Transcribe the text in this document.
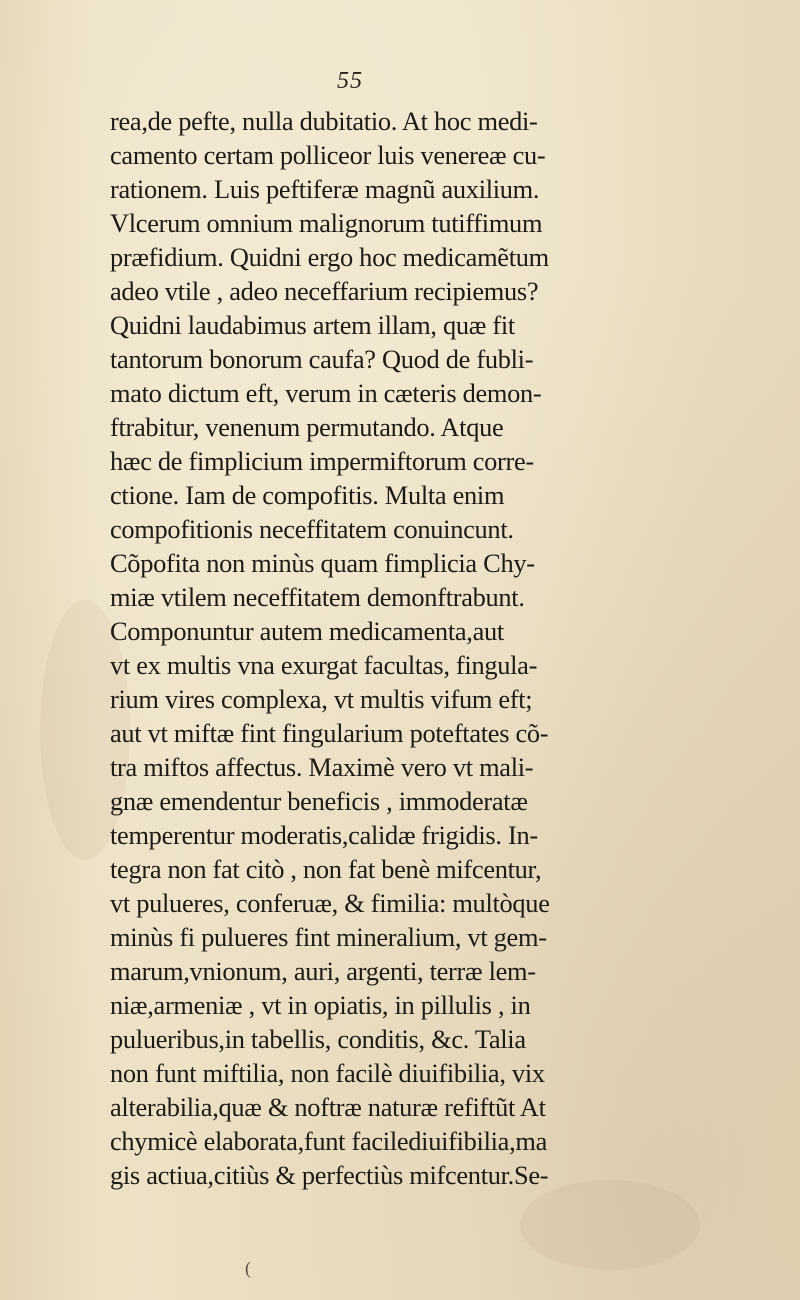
55
rea,de pefte, nulla dubitatio. At hoc medi-
camento certam polliceor luis venereæ cu-
rationem. Luis peftiferæ magnũ auxilium.
Vlcerum omnium malignorum tutiffimum
præfidium. Quidni ergo hoc medicamẽtum
adeo vtile , adeo neceffarium recipiemus?
Quidni laudabimus artem illam, quæ fit
tantorum bonorum caufa? Quod de fubli-
mato dictum eft, verum in cæteris demon-
ftrabitur, venenum permutando. Atque
hæc de fimplicium impermiftorum corre-
ctione. Iam de compofitis. Multa enim
compofitionis neceffitatem conuincunt.
Cõpofita non minùs quam fimplicia Chy-
miæ vtilem neceffitatem demonftrabunt.
Componuntur autem medicamenta,aut
vt ex multis vna exurgat facultas, fingula-
rium vires complexa, vt multis vifum eft;
aut vt miftæ fint fingularium poteftates cõ-
tra miftos affectus. Maximè vero vt mali-
gnæ emendentur beneficis , immoderatæ
temperentur moderatis,calidæ frigidis. In-
tegra non fat citò , non fat benè mifcentur,
vt pulueres, conferuæ, & fimilia: multòque
minùs fi pulueres fint mineralium, vt gem-
marum,vnionum, auri, argenti, terræ lem-
niæ,armeniæ , vt in opiatis, in pillulis , in
pulueribus,in tabellis, conditis, &c. Talia
non funt miftilia, non facilè diuifibilia, vix
alterabilia,quæ & noftræ naturæ refiftũt At
chymicè elaborata,funt faciledіuifibilia,ma
gis actiua,citiùs & perfectiùs mifcentur.Se-
(
